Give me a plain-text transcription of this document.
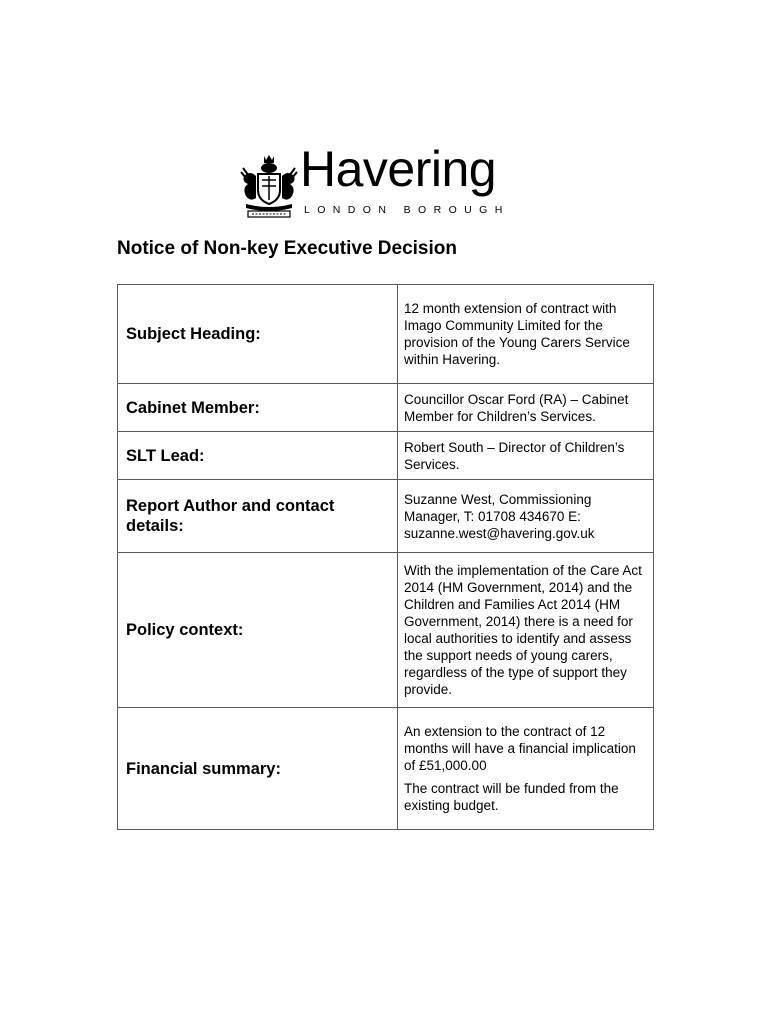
Havering
LONDON BOROUGH
Notice of Non-key Executive Decision
Subject Heading:	12 month extension of contract with Imago Community Limited for the provision of the Young Carers Service within Havering.

Cabinet Member:	Councillor Oscar Ford (RA) – Cabinet Member for Children’s Services.

SLT Lead:	Robert South – Director of Children’s Services.

Report Author and contact details:	Suzanne West, Commissioning Manager, T: 01708 434670 E: suzanne.west@havering.gov.uk

Policy context:	With the implementation of the Care Act 2014 (HM Government, 2014) and the Children and Families Act 2014 (HM Government, 2014) there is a need for local authorities to identify and assess the support needs of young carers, regardless of the type of support they provide.

Financial summary:	An extension to the contract of 12 months will have a financial implication of £51,000.00

The contract will be funded from the existing budget.
